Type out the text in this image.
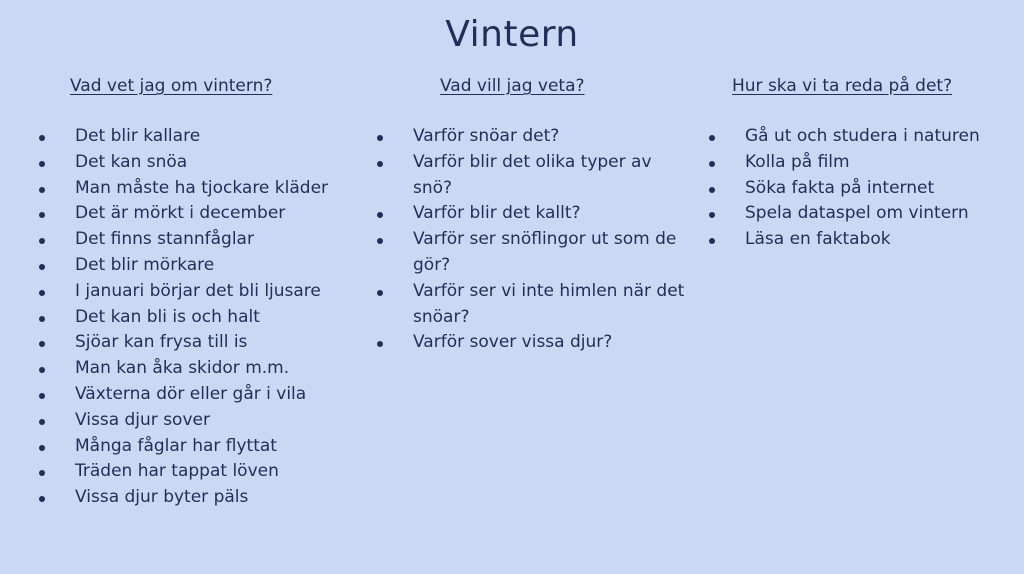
Vintern
Vad vet jag om vintern?
Det blir kallare
Det kan snöa
Man måste ha tjockare kläder
Det är mörkt i december
Det finns stannfåglar
Det blir mörkare
I januari börjar det bli ljusare
Det kan bli is och halt
Sjöar kan frysa till is
Man kan åka skidor m.m.
Växterna dör eller går i vila
Vissa djur sover
Många fåglar har flyttat
Träden har tappat löven
Vissa djur byter päls
Vad vill jag veta?
Varför snöar det?
Varför blir det olika typer av snö?
Varför blir det kallt?
Varför ser snöflingor ut som de gör?
Varför ser vi inte himlen när det snöar?
Varför sover vissa djur?
Hur ska vi ta reda på det?
Gå ut och studera i naturen
Kolla på film
Söka fakta på internet
Spela dataspel om vintern
Läsa en faktabok
